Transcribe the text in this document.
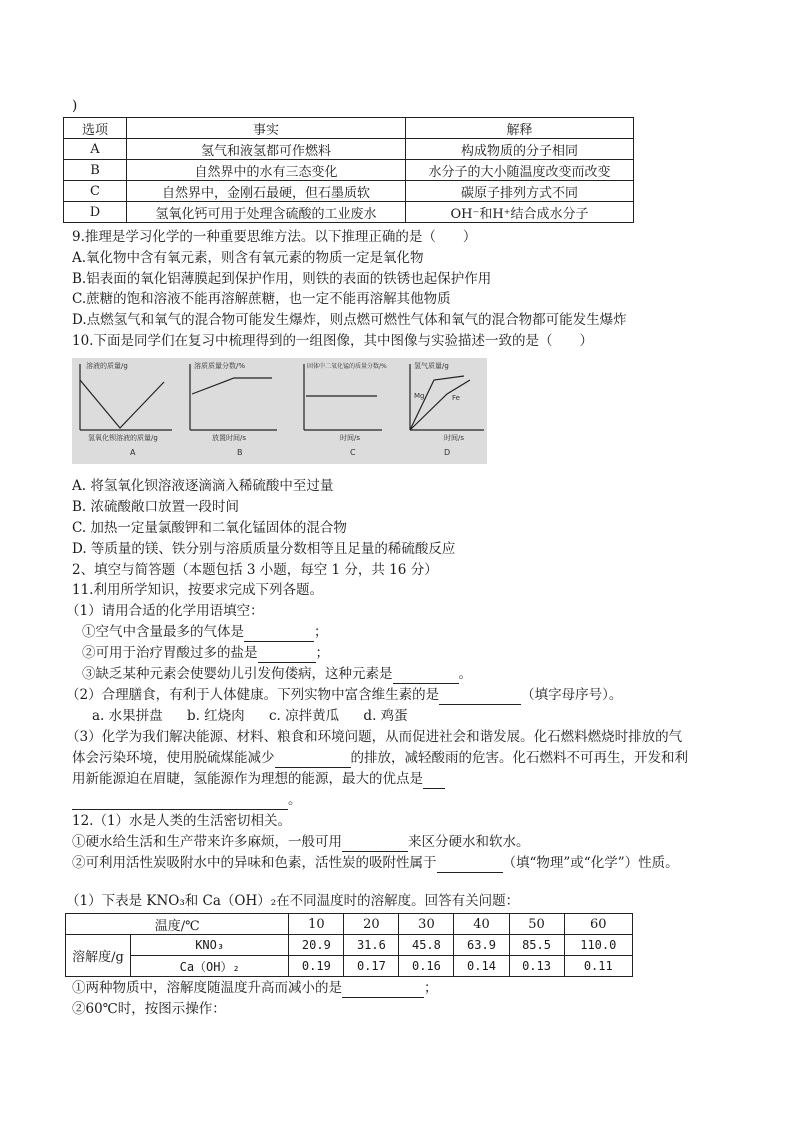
)
选项	事实	解释
A	氢气和液氢都可作燃料	构成物质的分子相同
B	自然界中的水有三态变化	水分子的大小随温度改变而改变
C	自然界中，金刚石最硬，但石墨质软	碳原子排列方式不同
D	氢氧化钙可用于处理含硫酸的工业废水	OH⁻和H⁺结合成水分子
9.推理是学习化学的一种重要思维方法。以下推理正确的是（　　）
A.氧化物中含有氧元素，则含有氧元素的物质一定是氧化物
B.铝表面的氧化铝薄膜起到保护作用，则铁的表面的铁锈也起保护作用
C.蔗糖的饱和溶液不能再溶解蔗糖，也一定不能再溶解其他物质
D.点燃氢气和氧气的混合物可能发生爆炸，则点燃可燃性气体和氧气的混合物都可能发生爆炸
10.下面是同学们在复习中梳理得到的一组图像，其中图像与实验描述一致的是（　　）
溶液的质量/g
氢氧化钡溶液的质量/g
A
溶质质量分数/%
放置时间/s
B
固体中二氧化锰的质量分数/%
时间/s
C
氢气质量/g
时间/s
D
Mg	Fe
A. 将氢氧化钡溶液逐滴滴入稀硫酸中至过量
B. 浓硫酸敞口放置一段时间
C. 加热一定量氯酸钾和二氧化锰固体的混合物
D. 等质量的镁、铁分别与溶质质量分数相等且足量的稀硫酸反应
2、填空与简答题（本题包括 3 小题，每空 1 分，共 16 分）
11.利用所学知识，按要求完成下列各题。
（1）请用合适的化学用语填空：
①空气中含量最多的气体是	；
②可用于治疗胃酸过多的盐是	；
③缺乏某种元素会使婴幼儿引发佝偻病，这种元素是	。
（2）合理膳食，有利于人体健康。下列实物中富含维生素的是	（填字母序号）。
a. 水果拼盘 b. 红烧肉 c. 凉拌黄瓜 d. 鸡蛋
（3）化学为我们解决能源、材料、粮食和环境问题，从而促进社会和谐发展。化石燃料燃烧时排放的气
体会污染环境，使用脱硫煤能减少	的排放，减轻酸雨的危害。化石燃料不可再生，开发和利
用新能源迫在眉睫，氢能源作为理想的能源，最大的优点是
。
12.（1）水是人类的生活密切相关。
①硬水给生活和生产带来许多麻烦，一般可用	来区分硬水和软水。
②可利用活性炭吸附水中的异味和色素，活性炭的吸附性属于	（填“物理”或“化学”）性质。
（1）下表是 KNO₃和 Ca（OH）₂在不同温度时的溶解度。回答有关问题：
温度/℃		10	20	30	40	50	60
溶解度/g	KNO₃	20.9	31.6	45.8	63.9	85.5	110.0
	Ca（OH）₂	0.19	0.17	0.16	0.14	0.13	0.11
①两种物质中，溶解度随温度升高而减小的是	；
②60℃时，按图示操作：
